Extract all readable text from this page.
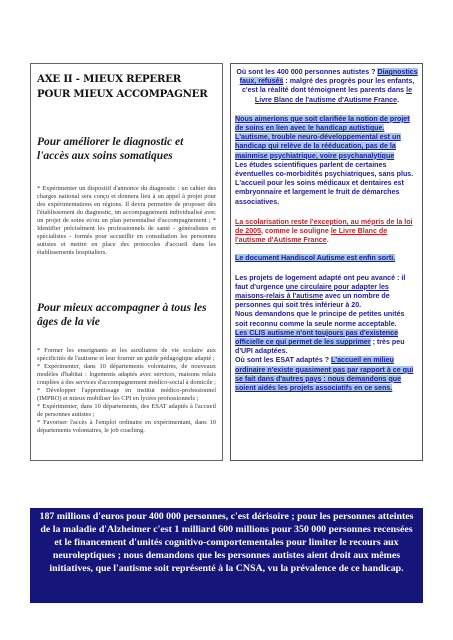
AXE II - MIEUX REPERER POUR MIEUX ACCOMPAGNER
Pour améliorer le diagnostic et l'accès aux soins somatiques

* Expérimenter un dispositif d'annonce du diagnostic : un cahier des charges national sera conçu et donnera lieu à un appel à projet pour des expérimentations en régions. Il devra permettre de proposer dès l'établissement du diagnostic, un accompagnement individualisé avec un projet de soins et/ou un plan personnalisé d'accompagnement ; * Identifier précisément les professionnels de santé - généralistes et spécialistes - formés pour accueillir en consultation les personnes autistes et mettre en place des protocoles d'accueil dans les établissements hospitaliers.

Pour mieux accompagner à tous les âges de la vie

* Former les enseignants et les auxiliaires de vie scolaire aux spécificités de l'autisme et leur fournir un guide pédagogique adapté ;

* Expérimenter, dans 10 départements volontaires, de nouveaux modèles d'habitat : logements adaptés avec services, maisons relais couplées à des services d'accompagnement médico-social à domicile ;

* Développer l'apprentissage en institut médico-professionnel (IMPRO) et mieux mobiliser les CPI en lycées professionnels ;

* Expérimenter, dans 10 départements, des ESAT adaptés à l'accueil de personnes autistes ;

* Favoriser l'accès à l'emploi ordinaire en expérimentant, dans 10 départements volontaires, le job coaching.

Où sont les 400 000 personnes autistes ? Diagnostics faux, refusés : malgré des progrès pour les enfants, c'est la réalité dont témoignent les parents dans le Livre Blanc de l'autisme d'Autisme France.

Nous aimerions que soit clarifiée la notion de projet de soins en lien avec le handicap autistique. L'autisme, trouble neuro-développemental est un handicap qui relève de la rééducation, pas de la mainmise psychiatrique, voire psychanalytique
Les études scientifiques parlent de certaines éventuelles co-morbidités psychiatriques, sans plus.
L'accueil pour les soins médicaux et dentaires est embryonnaire et largement le fruit de démarches associatives.

La scolarisation reste l'exception, au mépris de la loi de 2005, comme le souligne le Livre Blanc de l'autisme d'Autisme France.

Le document Handiscol Autisme est enfin sorti.

Les projets de logement adapté ont peu avancé : il faut d'urgence une circulaire pour adapter les maisons-relais à l'autisme avec un nombre de personnes qui soit très inférieur à 20.
Nous demandons que le principe de petites unités soit reconnu comme la seule norme acceptable.
Les CLIS autisme n'ont toujours pas d'existence officielle ce qui permet de les supprimer ; très peu d'UPI adaptées.
Où sont les ESAT adaptés ? L'accueil en milieu ordinaire n'existe quasiment pas par rapport à ce qui se fait dans d'autres pays : nous demandons que soient aidés les projets associatifs en ce sens.

187 millions d'euros pour 400 000 personnes, c'est dérisoire ; pour les personnes atteintes de la maladie d'Alzheimer c'est 1 milliard 600 millions pour 350 000 personnes recensées et le financement d'unités cognitivo-comportementales pour limiter le recours aux neuroleptiques ; nous demandons que les personnes autistes aient droit aux mêmes initiatives, que l'autisme soit représenté à la CNSA, vu la prévalence de ce handicap.
